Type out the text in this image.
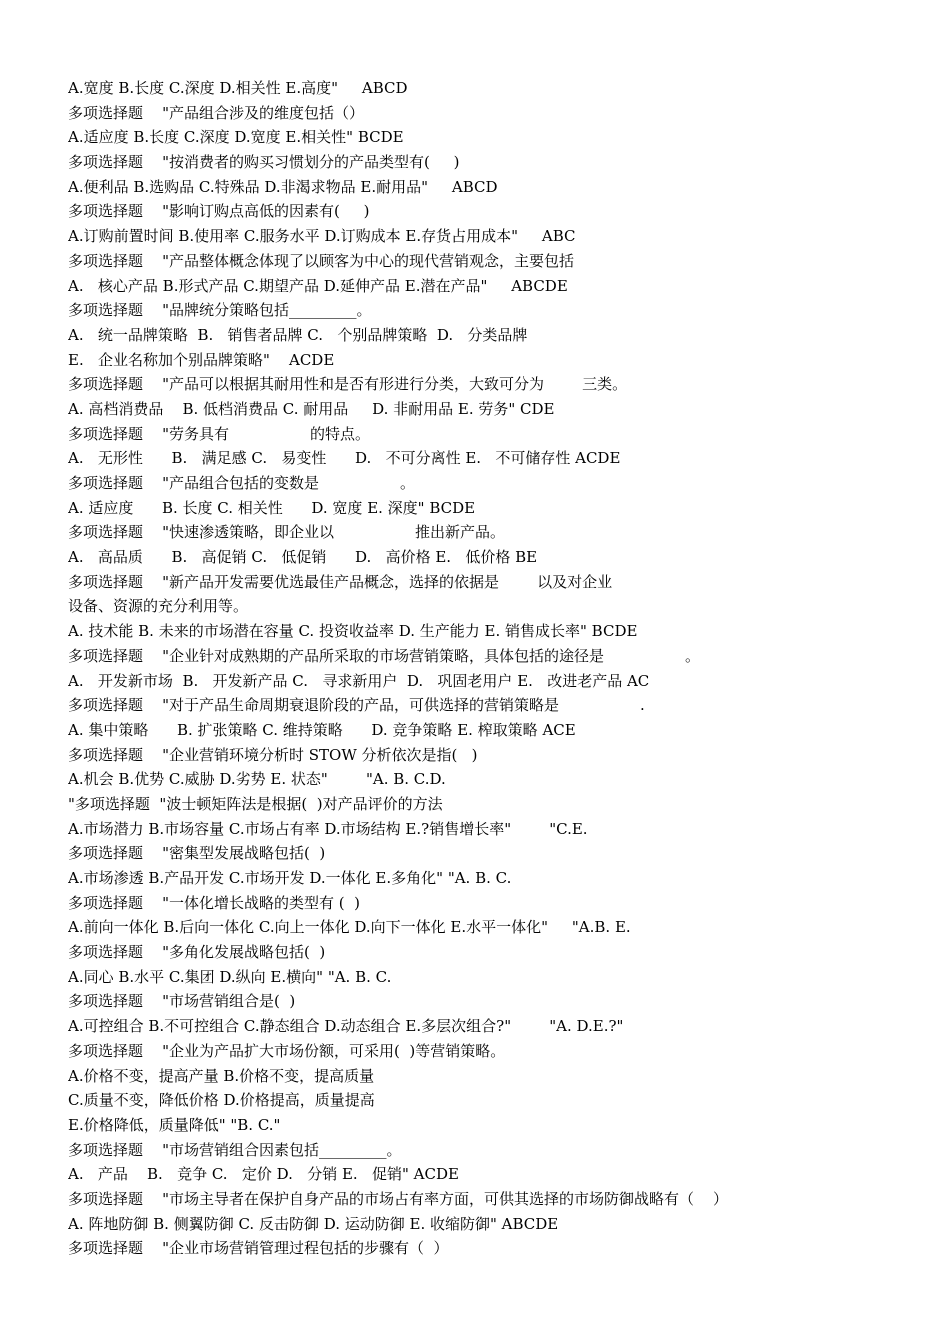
A.宽度 B.长度 C.深度 D.相关性 E.高度"     ABCD
多项选择题    "产品组合涉及的维度包括（）
A.适应度 B.长度 C.深度 D.宽度 E.相关性" BCDE
多项选择题    "按消费者的购买习惯划分的产品类型有(     )
A.便利品 B.选购品 C.特殊品 D.非渴求物品 E.耐用品"     ABCD
多项选择题    "影响订购点高低的因素有(     )
A.订购前置时间 B.使用率 C.服务水平 D.订购成本 E.存货占用成本"     ABC
多项选择题    "产品整体概念体现了以顾客为中心的现代营销观念，主要包括
A.   核心产品 B.形式产品 C.期望产品 D.延伸产品 E.潜在产品"     ABCDE
多项选择题    "品牌统分策略包括_________。
A.   统一品牌策略  B.   销售者品牌 C.   个别品牌策略  D.   分类品牌
E.   企业名称加个别品牌策略"    ACDE
多项选择题    "产品可以根据其耐用性和是否有形进行分类，大致可分为        三类。
A. 高档消费品    B. 低档消费品 C. 耐用品     D. 非耐用品 E. 劳务" CDE
多项选择题    "劳务具有                 的特点。
A.   无形性      B.   满足感 C.   易变性      D.   不可分离性 E.   不可储存性 ACDE
多项选择题    "产品组合包括的变数是                 。
A. 适应度      B. 长度 C. 相关性      D. 宽度 E. 深度" BCDE
多项选择题    "快速渗透策略，即企业以                 推出新产品。
A.   高品质      B.   高促销 C.   低促销      D.   高价格 E.   低价格 BE
多项选择题    "新产品开发需要优选最佳产品概念，选择的依据是        以及对企业
设备、资源的充分利用等。
A. 技术能 B. 未来的市场潜在容量 C. 投资收益率 D. 生产能力 E. 销售成长率" BCDE
多项选择题    "企业针对成熟期的产品所采取的市场营销策略，具体包括的途径是                 。
A.   开发新市场  B.   开发新产品 C.   寻求新用户  D.   巩固老用户 E.   改进老产品 AC
多项选择题    "对于产品生命周期衰退阶段的产品，可供选择的营销策略是                 .
A. 集中策略      B. 扩张策略 C. 维持策略      D. 竞争策略 E. 榨取策略 ACE
多项选择题    "企业营销环境分析时 STOW 分析依次是指(   )
A.机会 B.优势 C.威胁 D.劣势 E. 状态"        "A. B. C.D.
"多项选择题  "波士顿矩阵法是根据(  )对产品评价的方法
A.市场潜力 B.市场容量 C.市场占有率 D.市场结构 E.?销售增长率"        "C.E.
多项选择题    "密集型发展战略包括(  )
A.市场渗透 B.产品开发 C.市场开发 D.一体化 E.多角化" "A. B. C.
多项选择题    "一体化增长战略的类型有 (  )
A.前向一体化 B.后向一体化 C.向上一体化 D.向下一体化 E.水平一体化"     "A.B. E.
多项选择题    "多角化发展战略包括(  )
A.同心 B.水平 C.集团 D.纵向 E.横向" "A. B. C.
多项选择题    "市场营销组合是(  )
A.可控组合 B.不可控组合 C.静态组合 D.动态组合 E.多层次组合?"        "A. D.E.?"
多项选择题    "企业为产品扩大市场份额，可采用(  )等营销策略。
A.价格不变，提高产量 B.价格不变，提高质量
C.质量不变，降低价格 D.价格提高，质量提高
E.价格降低，质量降低" "B. C."
多项选择题    "市场营销组合因素包括_________。
A.   产品    B.   竞争 C.   定价 D.   分销 E.   促销" ACDE
多项选择题    "市场主导者在保护自身产品的市场占有率方面，可供其选择的市场防御战略有（    ）
A. 阵地防御 B. 侧翼防御 C. 反击防御 D. 运动防御 E. 收缩防御" ABCDE
多项选择题    "企业市场营销管理过程包括的步骤有（  ）
